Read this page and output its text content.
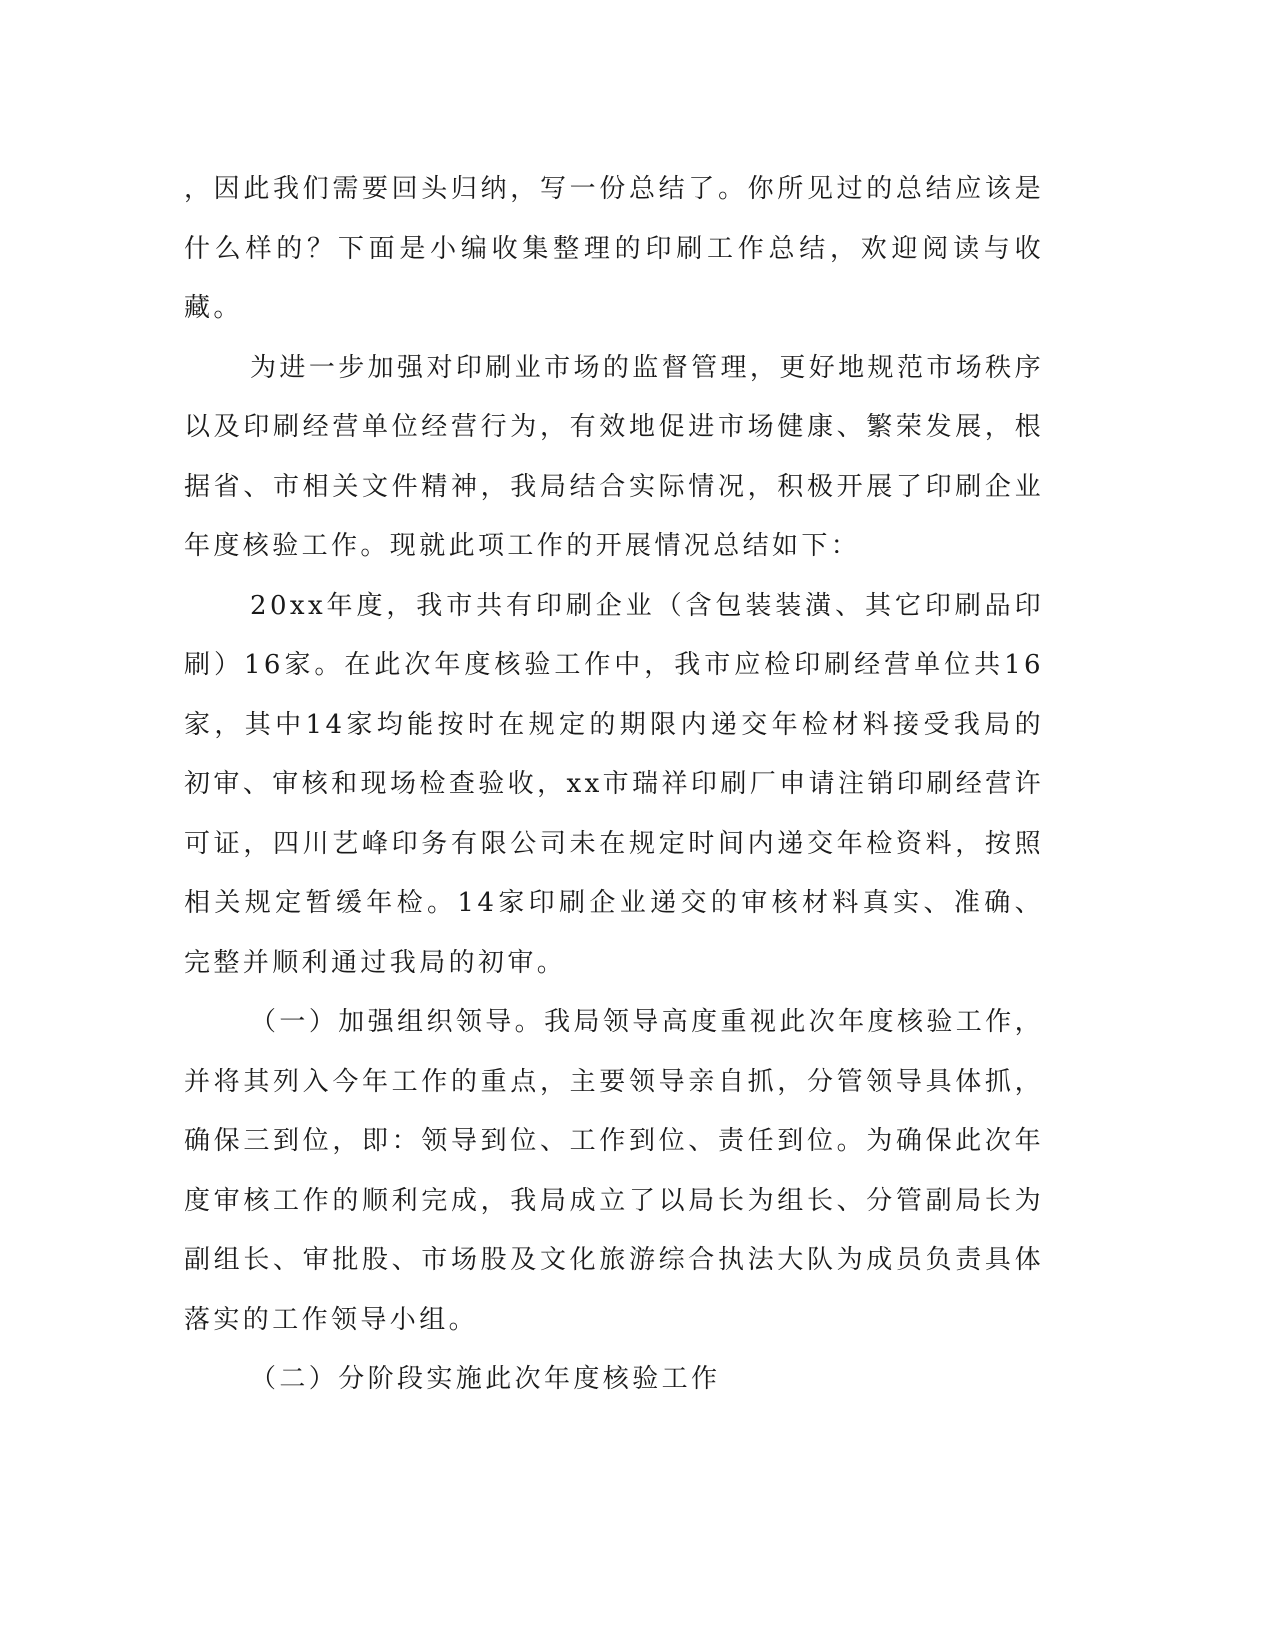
，因此我们需要回头归纳，写一份总结了。你所见过的总结应该是什么样的？下面是小编收集整理的印刷工作总结，欢迎阅读与收藏。

为进一步加强对印刷业市场的监督管理，更好地规范市场秩序以及印刷经营单位经营行为，有效地促进市场健康、繁荣发展，根据省、市相关文件精神，我局结合实际情况，积极开展了印刷企业年度核验工作。现就此项工作的开展情况总结如下：

20xx年度，我市共有印刷企业（含包装装潢、其它印刷品印刷）16家。在此次年度核验工作中，我市应检印刷经营单位共16家，其中14家均能按时在规定的期限内递交年检材料接受我局的初审、审核和现场检查验收，xx市瑞祥印刷厂申请注销印刷经营许可证，四川艺峰印务有限公司未在规定时间内递交年检资料，按照相关规定暂缓年检。14家印刷企业递交的审核材料真实、准确、完整并顺利通过我局的初审。

（一）加强组织领导。我局领导高度重视此次年度核验工作，并将其列入今年工作的重点，主要领导亲自抓，分管领导具体抓，确保三到位，即：领导到位、工作到位、责任到位。为确保此次年度审核工作的顺利完成，我局成立了以局长为组长、分管副局长为副组长、审批股、市场股及文化旅游综合执法大队为成员负责具体落实的工作领导小组。

（二）分阶段实施此次年度核验工作
